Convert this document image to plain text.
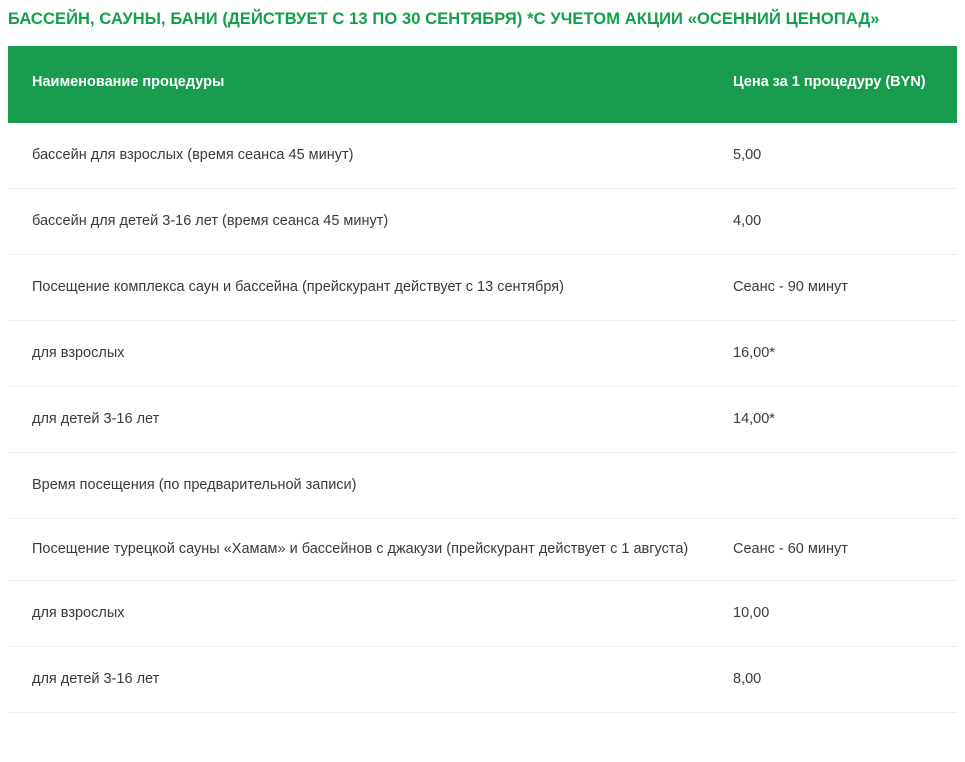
БАССЕЙН, САУНЫ, БАНИ (ДЕЙСТВУЕТ С 13 ПО 30 СЕНТЯБРЯ) *С УЧЕТОМ АКЦИИ «ОСЕННИЙ ЦЕНОПАД»
Наименование процедуры	Цена за 1 процедуру (BYN)
бассейн для взрослых (время сеанса 45 минут)	5,00
бассейн для детей 3-16 лет (время сеанса 45 минут)	4,00
Посещение комплекса саун и бассейна (прейскурант действует с 13 сентября)	Сеанс - 90 минут
для взрослых	16,00*
для детей 3-16 лет	14,00*
Время посещения (по предварительной записи)	
Посещение турецкой сауны «Хамам» и бассейнов с джакузи (прейскурант действует с 1 августа)	Сеанс - 60 минут
для взрослых	10,00
для детей 3-16 лет	8,00
